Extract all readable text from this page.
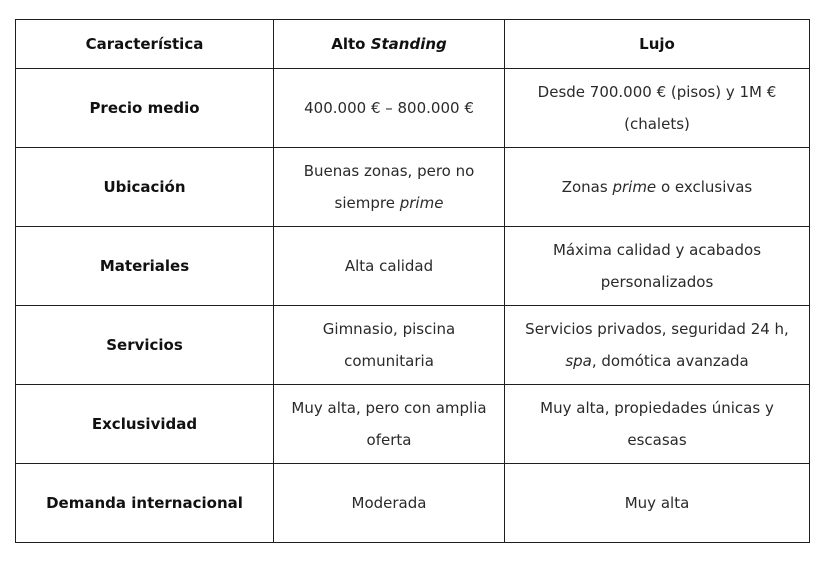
Característica	Alto Standing	Lujo
Precio medio	400.000 € – 800.000 €	Desde 700.000 € (pisos) y 1M € (chalets)
Ubicación	Buenas zonas, pero no siempre prime	Zonas prime o exclusivas
Materiales	Alta calidad	Máxima calidad y acabados personalizados
Servicios	Gimnasio, piscina comunitaria	Servicios privados, seguridad 24 h, spa, domótica avanzada
Exclusividad	Muy alta, pero con amplia oferta	Muy alta, propiedades únicas y escasas
Demanda internacional	Moderada	Muy alta
